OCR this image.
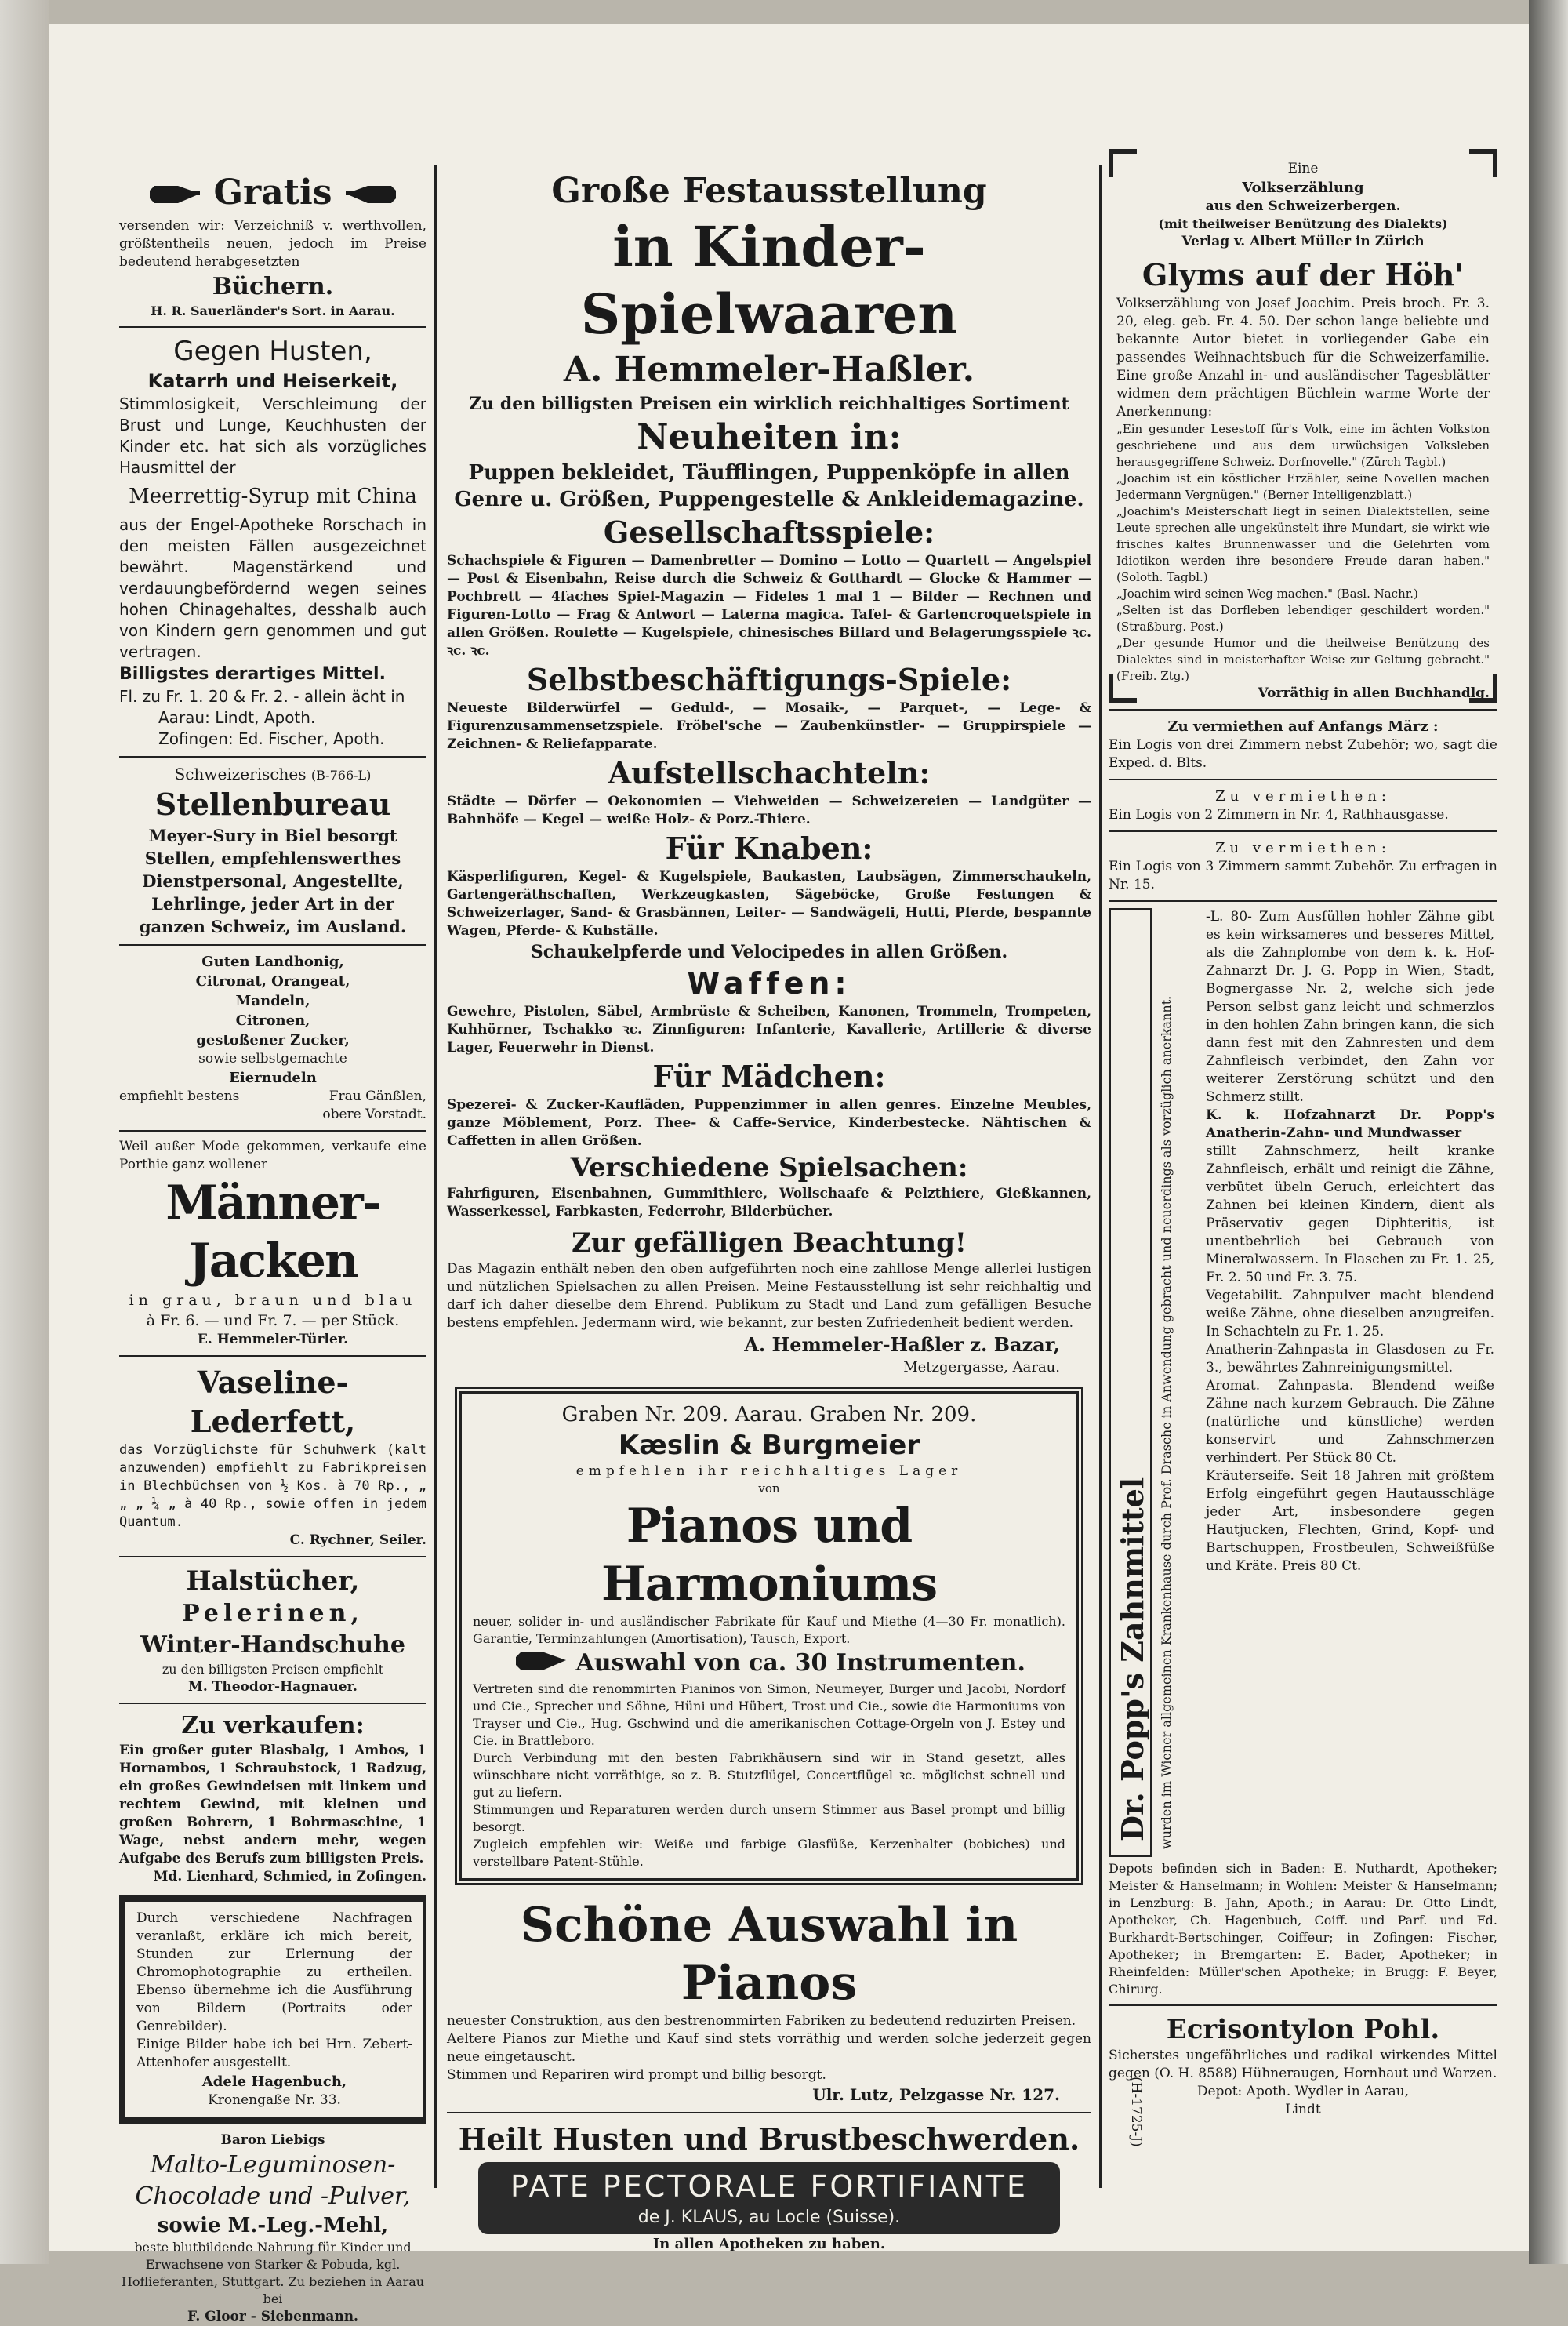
Gratis

versenden wir: Verzeichniß v. werthvollen, größtentheils neuen, jedoch im Preise bedeutend herabgesetzten

Büchern.

H. R. Sauerländer's Sort. in Aarau.

Gegen Husten,

Katarrh und Heiserkeit,

Stimmlosigkeit, Verschleimung der Brust und Lunge, Keuchhusten der Kinder etc. hat sich als vorzügliches Hausmittel der

Meerrettig-Syrup mit China

aus der Engel-Apotheke Rorschach in den meisten Fällen ausgezeichnet bewährt. Magenstärkend und verdauungbefördernd wegen seines hohen Chinagehaltes, desshalb auch von Kindern gern genommen und gut vertragen.

Billigstes derartiges Mittel.

Fl. zu Fr. 1. 20 & Fr. 2. - allein ächt in

Aarau: Lindt, Apoth.

Zofingen: Ed. Fischer, Apoth.

Schweizerisches (B-766-L)

Stellenbureau

Meyer-Sury in Biel besorgt Stellen, empfehlenswerthes Dienstpersonal, Angestellte, Lehrlinge, jeder Art in der ganzen Schweiz, im Ausland.

Guten Landhonig,

Citronat, Orangeat,

Mandeln,

Citronen,

gestoßener Zucker,

sowie selbstgemachte

Eiernudeln

empfiehlt bestens	Frau Gänßlen,

obere Vorstadt.

Weil außer Mode gekommen, verkaufe eine Porthie ganz wollener

Männer-Jacken

in grau, braun und blau

à Fr. 6. — und Fr. 7. — per Stück.

E. Hemmeler-Türler.

Vaseline-Lederfett,

das Vorzüglichste für Schuhwerk (kalt anzuwenden) empfiehlt zu Fabrikpreisen in Blechbüchsen von ½ Kos. à 70 Rp., „ „ „ ¼ „ à 40 Rp., sowie offen in jedem Quantum.

C. Rychner, Seiler.

Halstücher,

Pelerinen,

Winter-Handschuhe

zu den billigsten Preisen empfiehlt

M. Theodor-Hagnauer.

Zu verkaufen:

Ein großer guter Blasbalg, 1 Ambos, 1 Hornambos, 1 Schraubstock, 1 Radzug, ein großes Gewindeisen mit linkem und rechtem Gewind, mit kleinen und großen Bohrern, 1 Bohrmaschine, 1 Wage, nebst andern mehr, wegen Aufgabe des Berufs zum billigsten Preis.

Md. Lienhard, Schmied, in Zofingen.

Durch verschiedene Nachfragen veranlaßt, erkläre ich mich bereit, Stunden zur Erlernung der Chromophotographie zu ertheilen. Ebenso übernehme ich die Ausführung von Bildern (Portraits oder Genrebilder).

Einige Bilder habe ich bei Hrn. Zebert-Attenhofer ausgestellt.

Adele Hagenbuch,

Kronengaße Nr. 33.

Baron Liebigs

Malto-Leguminosen-Chocolade und -Pulver,

sowie M.-Leg.-Mehl,

beste blutbildende Nahrung für Kinder und Erwachsene von Starker & Pobuda, kgl. Hoflieferanten, Stuttgart. Zu beziehen in Aarau bei

F. Gloor - Siebenmann.

Große Festausstellung

in Kinder-Spielwaaren

A. Hemmeler-Haßler.

Zu den billigsten Preisen ein wirklich reichhaltiges Sortiment

Neuheiten in:

Puppen bekleidet, Täufflingen, Puppenköpfe in allen Genre u. Größen, Puppengestelle & Ankleidemagazine.

Gesellschaftsspiele:

Schachspiele & Figuren — Damenbretter — Domino — Lotto — Quartett — Angelspiel — Post & Eisenbahn, Reise durch die Schweiz & Gotthardt — Glocke & Hammer — Pochbrett — 4faches Spiel-Magazin — Fideles 1 mal 1 — Bilder — Rechnen und Figuren-Lotto — Frag & Antwort — Laterna magica. Tafel- & Gartencroquetspiele in allen Größen. Roulette — Kugelspiele, chinesisches Billard und Belagerungsspiele ꝛc. ꝛc. ꝛc.

Selbstbeschäftigungs-Spiele:

Neueste Bilderwürfel — Geduld-, — Mosaik-, — Parquet-, — Lege- & Figurenzusammensetzspiele. Fröbel'sche — Zaubenkünstler- — Gruppirspiele — Zeichnen- & Reliefapparate.

Aufstellschachteln:

Städte — Dörfer — Oekonomien — Viehweiden — Schweizereien — Landgüter — Bahnhöfe — Kegel — weiße Holz- & Porz.-Thiere.

Für Knaben:

Käsperlifiguren, Kegel- & Kugelspiele, Baukasten, Laubsägen, Zimmerschaukeln, Gartengeräthschaften, Werkzeugkasten, Sägeböcke, Große Festungen & Schweizerlager, Sand- & Grasbännen, Leiter- — Sandwägeli, Hutti, Pferde, bespannte Wagen, Pferde- & Kuhställe.

Schaukelpferde und Velocipedes in allen Größen.

Waffen:

Gewehre, Pistolen, Säbel, Armbrüste & Scheiben, Kanonen, Trommeln, Trompeten, Kuhhörner, Tschakko ꝛc. Zinnfiguren: Infanterie, Kavallerie, Artillerie & diverse Lager, Feuerwehr in Dienst.

Für Mädchen:

Spezerei- & Zucker-Kaufläden, Puppenzimmer in allen genres. Einzelne Meubles, ganze Möblement, Porz. Thee- & Caffe-Service, Kinderbestecke. Nähtischen & Caffetten in allen Größen.

Verschiedene Spielsachen:

Fahrfiguren, Eisenbahnen, Gummithiere, Wollschaafe & Pelzthiere, Gießkannen, Wasserkessel, Farbkasten, Federrohr, Bilderbücher.

Zur gefälligen Beachtung!

Das Magazin enthält neben den oben aufgeführten noch eine zahllose Menge allerlei lustigen und nützlichen Spielsachen zu allen Preisen. Meine Festausstellung ist sehr reichhaltig und darf ich daher dieselbe dem Ehrend. Publikum zu Stadt und Land zum gefälligen Besuche bestens empfehlen. Jedermann wird, wie bekannt, zur besten Zufriedenheit bedient werden.

A. Hemmeler-Haßler z. Bazar,

Metzgergasse, Aarau.

Graben Nr. 209. Aarau. Graben Nr. 209.

Kæslin & Burgmeier

empfehlen ihr reichhaltiges Lager

von

Pianos und Harmoniums

neuer, solider in- und ausländischer Fabrikate für Kauf und Miethe (4—30 Fr. monatlich). Garantie, Terminzahlungen (Amortisation), Tausch, Export.

Auswahl von ca. 30 Instrumenten.

Vertreten sind die renommirten Pianinos von Simon, Neumeyer, Burger und Jacobi, Nordorf und Cie., Sprecher und Söhne, Hüni und Hübert, Trost und Cie., sowie die Harmoniums von Trayser und Cie., Hug, Gschwind und die amerikanischen Cottage-Orgeln von J. Estey und Cie. in Brattleboro.

Durch Verbindung mit den besten Fabrikhäusern sind wir in Stand gesetzt, alles wünschbare nicht vorräthige, so z. B. Stutzflügel, Concertflügel ꝛc. möglichst schnell und gut zu liefern.

Stimmungen und Reparaturen werden durch unsern Stimmer aus Basel prompt und billig besorgt.

Zugleich empfehlen wir: Weiße und farbige Glasfüße, Kerzenhalter (bobiches) und verstellbare Patent-Stühle.

Schöne Auswahl in Pianos

neuester Construktion, aus den bestrenommirten Fabriken zu bedeutend reduzirten Preisen.

Aeltere Pianos zur Miethe und Kauf sind stets vorräthig und werden solche jederzeit gegen neue eingetauscht.

Stimmen und Repariren wird prompt und billig besorgt.

Ulr. Lutz, Pelzgasse Nr. 127.

Heilt Husten und Brustbeschwerden.

PATE PECTORALE FORTIFIANTE
de J. KLAUS, au Locle (Suisse).

In allen Apotheken zu haben.

(H-1725-J)

Eine

Volkserzählung

aus den Schweizerbergen.

(mit theilweiser Benützung des Dialekts)

Verlag v. Albert Müller in Zürich

Glyms auf der Höh'

Volkserzählung von Josef Joachim. Preis broch. Fr. 3. 20, eleg. geb. Fr. 4. 50. Der schon lange beliebte und bekannte Autor bietet in vorliegender Gabe ein passendes Weihnachtsbuch für die Schweizerfamilie. Eine große Anzahl in- und ausländischer Tagesblätter widmen dem prächtigen Büchlein warme Worte der Anerkennung:

„Ein gesunder Lesestoff für's Volk, eine im ächten Volkston geschriebene und aus dem urwüchsigen Volksleben herausgegriffene Schweiz. Dorfnovelle." (Zürch Tagbl.)

„Joachim ist ein köstlicher Erzähler, seine Novellen machen Jedermann Vergnügen." (Berner Intelligenzblatt.)

„Joachim's Meisterschaft liegt in seinen Dialektstellen, seine Leute sprechen alle ungekünstelt ihre Mundart, sie wirkt wie frisches kaltes Brunnenwasser und die Gelehrten vom Idiotikon werden ihre besondere Freude daran haben." (Soloth. Tagbl.)

„Joachim wird seinen Weg machen." (Basl. Nachr.)

„Selten ist das Dorfleben lebendiger geschildert worden." (Straßburg. Post.)

„Der gesunde Humor und die theilweise Benützung des Dialektes sind in meisterhafter Weise zur Geltung gebracht." (Freib. Ztg.)

Vorräthig in allen Buchhandlg.

Zu vermiethen auf Anfangs März :

Ein Logis von drei Zimmern nebst Zubehör; wo, sagt die Exped. d. Blts.

Zu vermiethen:

Ein Logis von 2 Zimmern in Nr. 4, Rathhausgasse.

Zu vermiethen:

Ein Logis von 3 Zimmern sammt Zubehör. Zu erfragen in Nr. 15.

Dr. Popp's Zahnmittel wurden im Wiener allgemeinen Krankenhause durch Prof. Drasche in Anwendung gebracht und neuerdings als vorzüglich anerkannt.

-L. 80- Zum Ausfüllen hohler Zähne gibt es kein wirksameres und besseres Mittel, als die Zahnplombe von dem k. k. Hof-Zahnarzt Dr. J. G. Popp in Wien, Stadt, Bognergasse Nr. 2, welche sich jede Person selbst ganz leicht und schmerzlos in den hohlen Zahn bringen kann, die sich dann fest mit den Zahnresten und dem Zahnfleisch verbindet, den Zahn vor weiterer Zerstörung schützt und den Schmerz stillt.

K. k. Hofzahnarzt Dr. Popp's Anatherin-Zahn- und Mundwasser

stillt Zahnschmerz, heilt kranke Zahnfleisch, erhält und reinigt die Zähne, verbütet übeln Geruch, erleichtert das Zahnen bei kleinen Kindern, dient als Präservativ gegen Diphteritis, ist unentbehrlich bei Gebrauch von Mineralwassern. In Flaschen zu Fr. 1. 25, Fr. 2. 50 und Fr. 3. 75.

Vegetabilit. Zahnpulver macht blendend weiße Zähne, ohne dieselben anzugreifen. In Schachteln zu Fr. 1. 25.

Anatherin-Zahnpasta in Glasdosen zu Fr. 3., bewährtes Zahnreinigungsmittel.

Aromat. Zahnpasta. Blendend weiße Zähne nach kurzem Gebrauch. Die Zähne (natürliche und künstliche) werden konservirt und Zahnschmerzen verhindert. Per Stück 80 Ct.

Kräuterseife. Seit 18 Jahren mit größtem Erfolg eingeführt gegen Hautausschläge jeder Art, insbesondere gegen Hautjucken, Flechten, Grind, Kopf- und Bartschuppen, Frostbeulen, Schweißfüße und Kräte. Preis 80 Ct.

Depots befinden sich in Baden: E. Nuthardt, Apotheker; Meister & Hanselmann; in Wohlen: Meister & Hanselmann; in Lenzburg: B. Jahn, Apoth.; in Aarau: Dr. Otto Lindt, Apotheker, Ch. Hagenbuch, Coiff. und Parf. und Fd. Burkhardt-Bertschinger, Coiffeur; in Zofingen: Fischer, Apotheker; in Bremgarten: E. Bader, Apotheker; in Rheinfelden: Müller'schen Apotheke; in Brugg: F. Beyer, Chirurg.

Ecrisontylon Pohl.

Sicherstes ungefährliches und radikal wirkendes Mittel gegen (O. H. 8588) Hühneraugen, Hornhaut und Warzen.

Depot: Apoth. Wydler in Aarau,

Lindt
